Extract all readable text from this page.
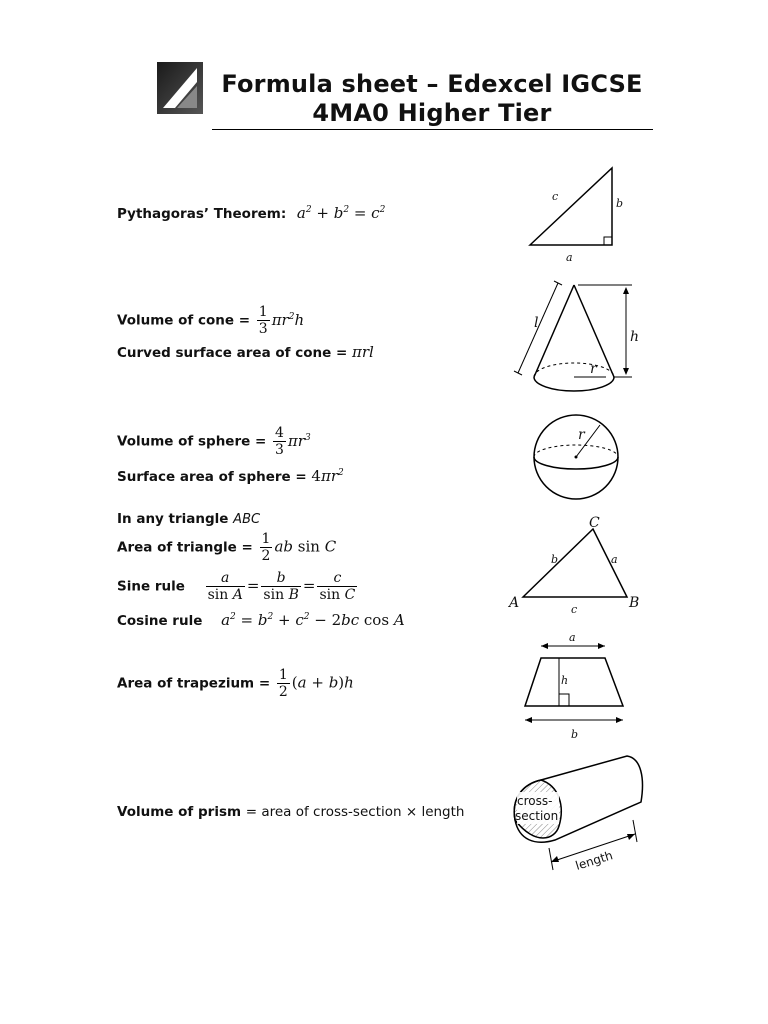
Formula sheet – Edexcel IGCSE
4MA0 Higher Tier
Pythagoras’ Theorem: $a^2 + b^2 = c^2$
c
b
a
Volume of cone = $\frac{1}{3} \pi r^2h$
Curved surface area of cone = πrl
l
h
r
Volume of sphere = $\frac{4}{3} \pi r^3$
Surface area of sphere = $4\pi r^2$
r
In any triangle ABC
Area of triangle = $\frac{1}{2}$ ab sin C
Sine rule $\frac{a}{\text{sin A}} = \frac{b}{\text{sin B}} = \frac{c}{\text{sin C}}$
Cosine rule $a^2 = b^2 + c^2 - 2bc$ cos A
A
C
B
b	a
c
Area of trapezium = $\frac{1}{2} (a + b)h$
a
h
b
Volume of prism = area of cross-section × length
cross-
section
length
